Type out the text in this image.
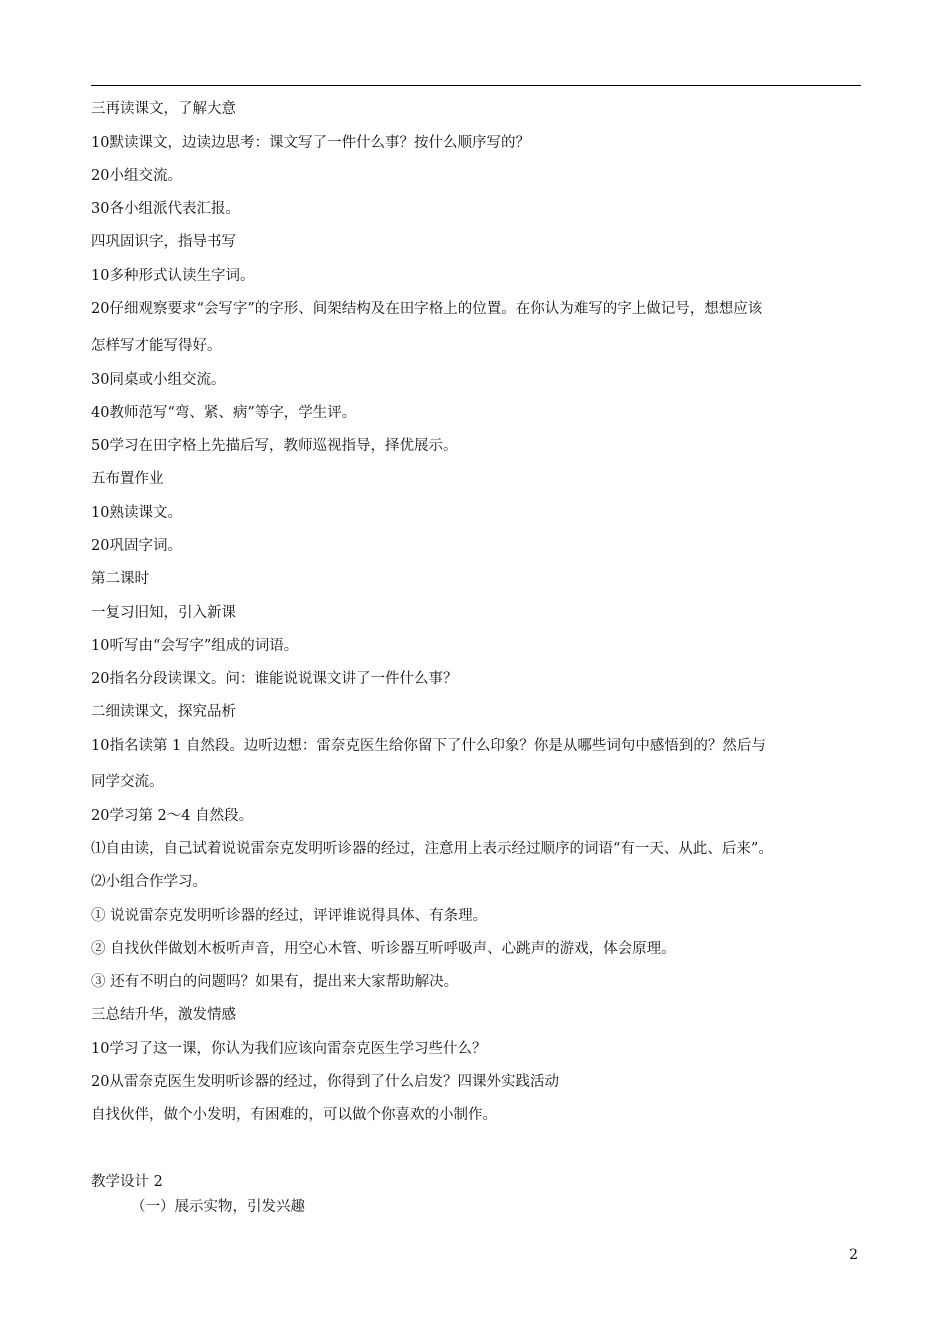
三再读课文，了解大意
10默读课文，边读边思考：课文写了一件什么事？按什么顺序写的？
20小组交流。
30各小组派代表汇报。
四巩固识字，指导书写
10多种形式认读生字词。
20仔细观察要求“会写字”的字形、间架结构及在田字格上的位置。在你认为难写的字上做记号，想想应该
怎样写才能写得好。
30同桌或小组交流。
40教师范写“弯、紧、病”等字，学生评。
50学习在田字格上先描后写，教师巡视指导，择优展示。
五布置作业
10熟读课文。
20巩固字词。
第二课时
一复习旧知，引入新课
10听写由“会写字”组成的词语。
20指名分段读课文。问：谁能说说课文讲了一件什么事？
二细读课文，探究品析
10指名读第 1 自然段。边听边想：雷奈克医生给你留下了什么印象？你是从哪些词句中感悟到的？然后与
同学交流。
20学习第 2～4 自然段。
⑴自由读，自己试着说说雷奈克发明听诊器的经过，注意用上表示经过顺序的词语“有一天、从此、后来”。
⑵小组合作学习。
① 说说雷奈克发明听诊器的经过，评评谁说得具体、有条理。
② 自找伙伴做划木板听声音，用空心木管、听诊器互听呼吸声、心跳声的游戏，体会原理。
③ 还有不明白的问题吗？如果有，提出来大家帮助解决。
三总结升华，激发情感
10学习了这一课，你认为我们应该向雷奈克医生学习些什么？
20从雷奈克医生发明听诊器的经过，你得到了什么启发？四课外实践活动
自找伙伴，做个小发明，有困难的，可以做个你喜欢的小制作。
教学设计 2
（一）展示实物，引发兴趣
2
